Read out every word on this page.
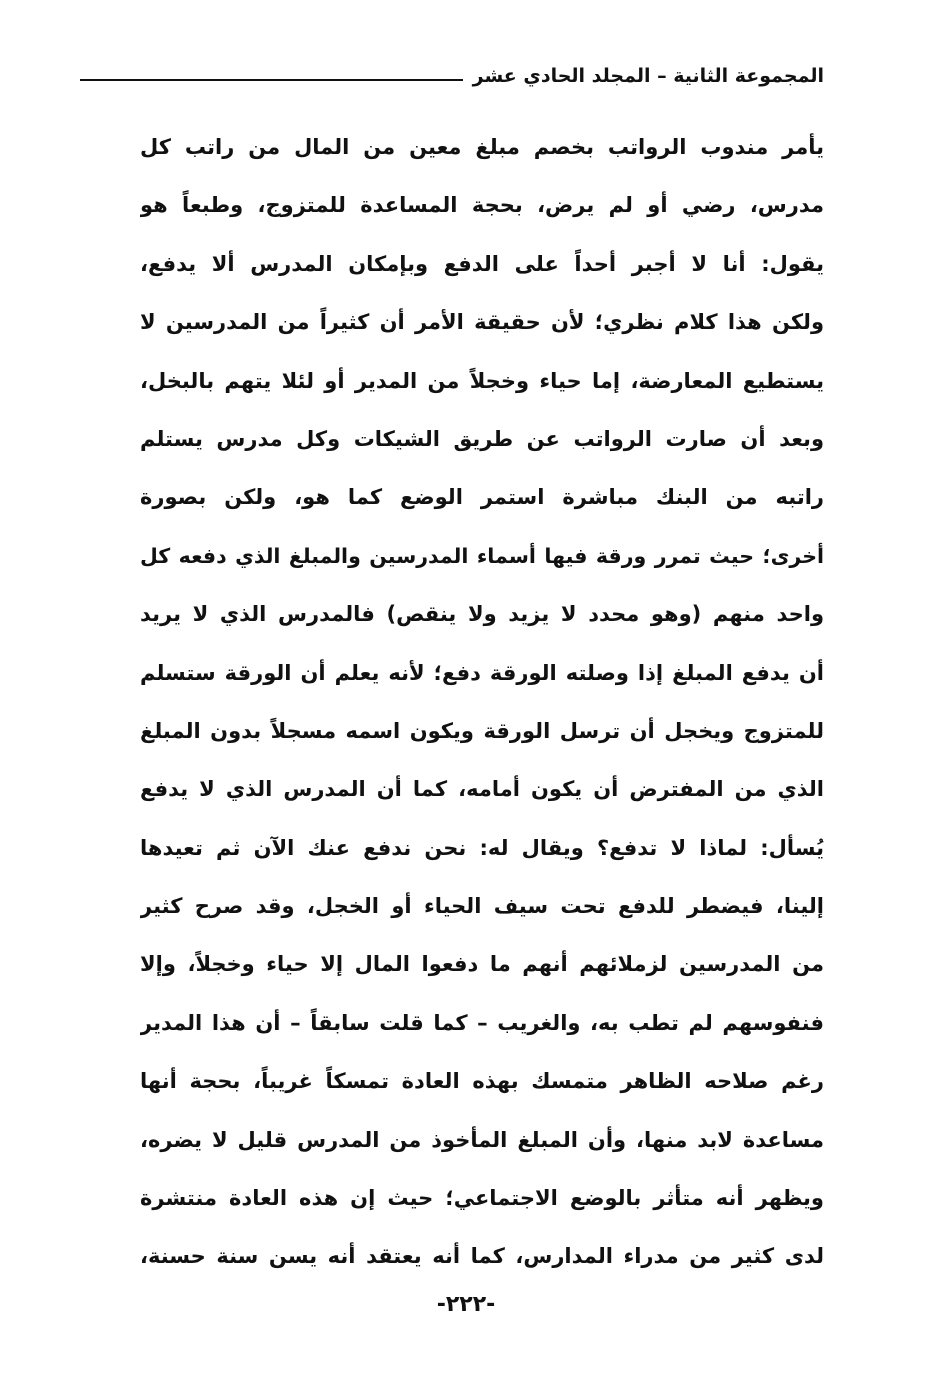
المجموعة الثانية – المجلد الحادي عشر
يأمر مندوب الرواتب بخصم مبلغ معين من المال من راتب كل
مدرس، رضي أو لم يرض، بحجة المساعدة للمتزوج، وطبعاً هو
يقول: أنا لا أجبر أحداً على الدفع وبإمكان المدرس ألا يدفع،
ولكن هذا كلام نظري؛ لأن حقيقة الأمر أن كثيراً من المدرسين لا
يستطيع المعارضة، إما حياء وخجلاً من المدير أو لئلا يتهم بالبخل،
وبعد أن صارت الرواتب عن طريق الشيكات وكل مدرس يستلم
راتبه من البنك مباشرة استمر الوضع كما هو، ولكن بصورة
أخرى؛ حيث تمرر ورقة فيها أسماء المدرسين والمبلغ الذي دفعه كل
واحد منهم (وهو محدد لا يزيد ولا ينقص) فالمدرس الذي لا يريد
أن يدفع المبلغ إذا وصلته الورقة دفع؛ لأنه يعلم أن الورقة ستسلم
للمتزوج ويخجل أن ترسل الورقة ويكون اسمه مسجلاً بدون المبلغ
الذي من المفترض أن يكون أمامه، كما أن المدرس الذي لا يدفع
يُسأل: لماذا لا تدفع؟ ويقال له: نحن ندفع عنك الآن ثم تعيدها
إلينا، فيضطر للدفع تحت سيف الحياء أو الخجل، وقد صرح كثير
من المدرسين لزملائهم أنهم ما دفعوا المال إلا حياء وخجلاً، وإلا
فنفوسهم لم تطب به، والغريب – كما قلت سابقاً – أن هذا المدير
رغم صلاحه الظاهر متمسك بهذه العادة تمسكاً غريباً، بحجة أنها
مساعدة لابد منها، وأن المبلغ المأخوذ من المدرس قليل لا يضره،
ويظهر أنه متأثر بالوضع الاجتماعي؛ حيث إن هذه العادة منتشرة
لدى كثير من مدراء المدارس، كما أنه يعتقد أنه يسن سنة حسنة،
-٢٢٢-
